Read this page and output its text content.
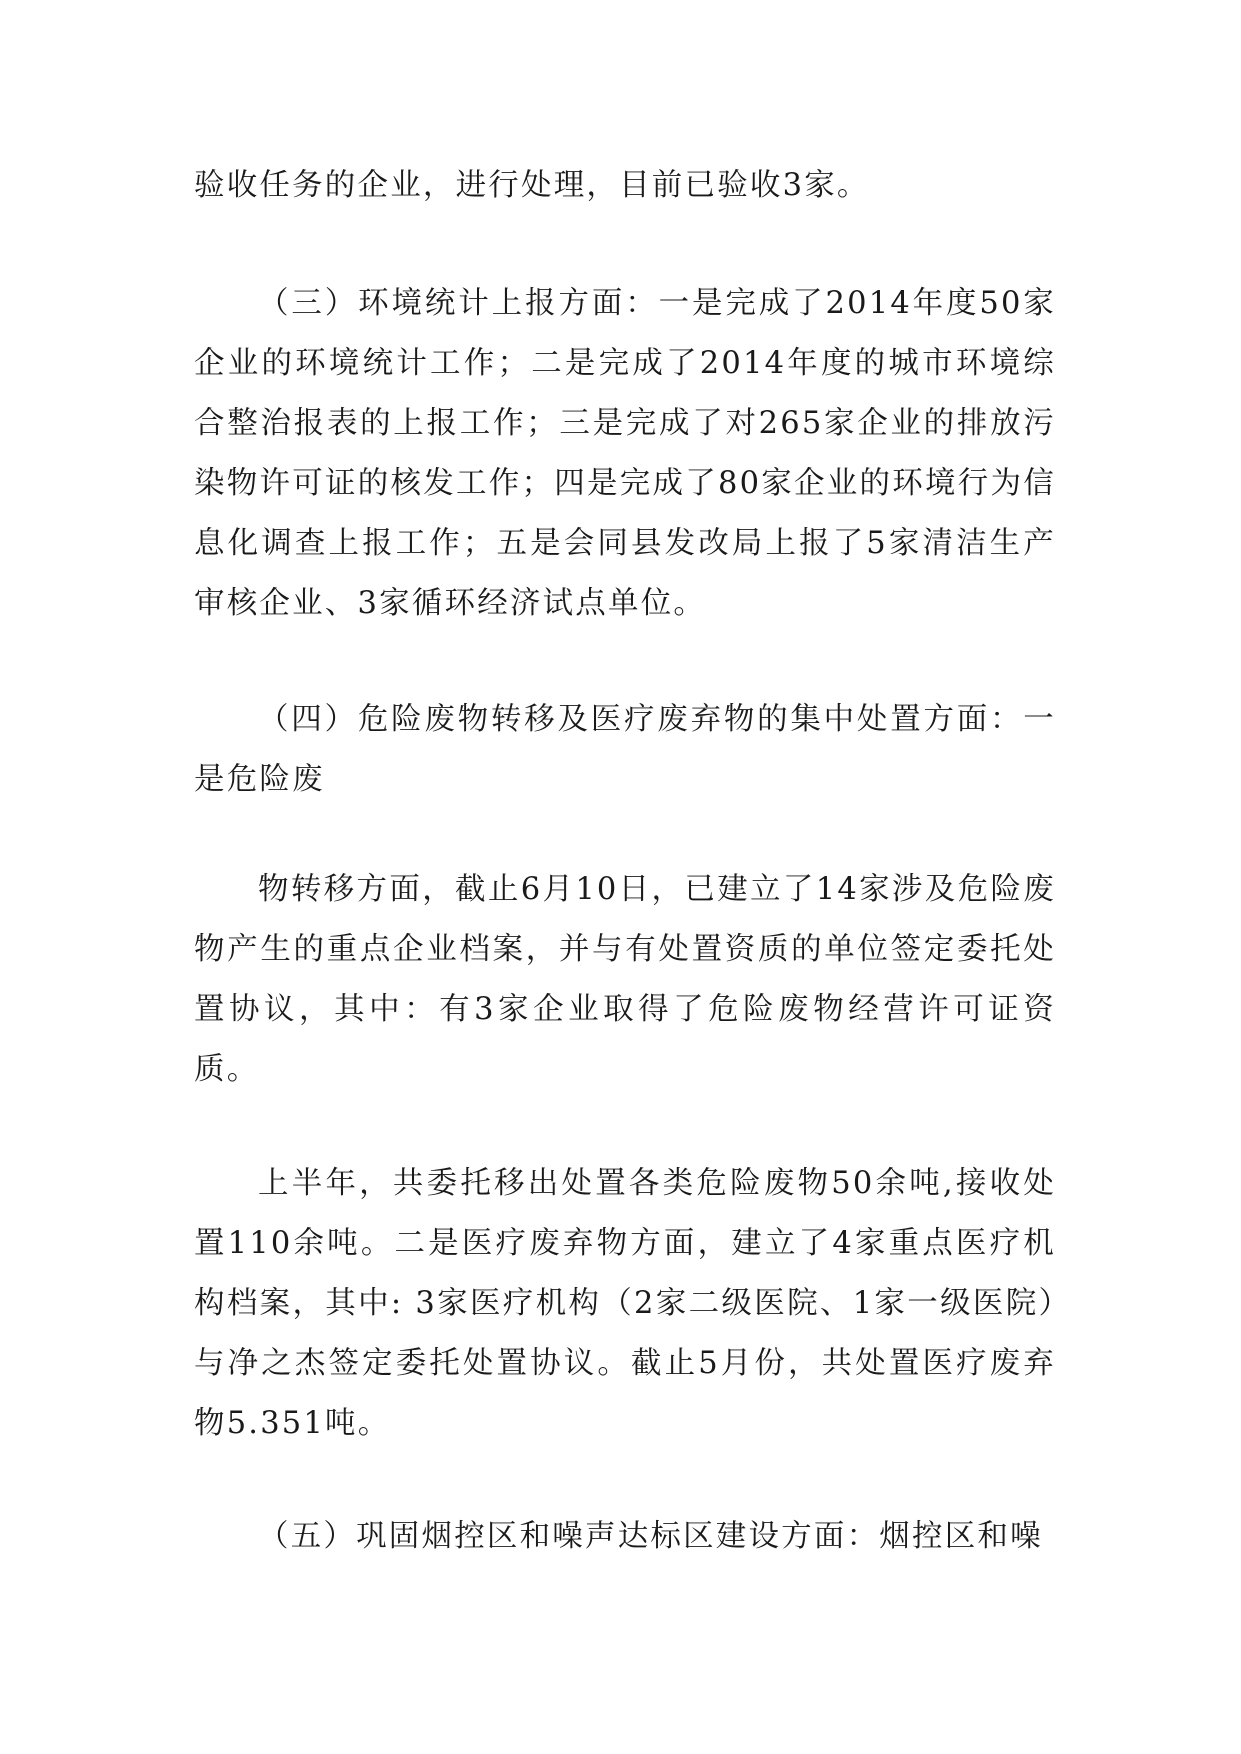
验收任务的企业，进行处理，目前已验收3家。

（三）环境统计上报方面：一是完成了2014年度50家企业的环境统计工作；二是完成了2014年度的城市环境综合整治报表的上报工作；三是完成了对265家企业的排放污染物许可证的核发工作；四是完成了80家企业的环境行为信息化调查上报工作；五是会同县发改局上报了5家清洁生产审核企业、3家循环经济试点单位。

（四）危险废物转移及医疗废弃物的集中处置方面：一是危险废

物转移方面，截止6月10日，已建立了14家涉及危险废物产生的重点企业档案，并与有处置资质的单位签定委托处置协议，其中：有3家企业取得了危险废物经营许可证资质。

上半年，共委托移出处置各类危险废物50余吨,接收处置110余吨。二是医疗废弃物方面，建立了4家重点医疗机构档案，其中: 3家医疗机构（2家二级医院、1家一级医院）与净之杰签定委托处置协议。截止5月份，共处置医疗废弃物5.351吨。

（五）巩固烟控区和噪声达标区建设方面：烟控区和噪
